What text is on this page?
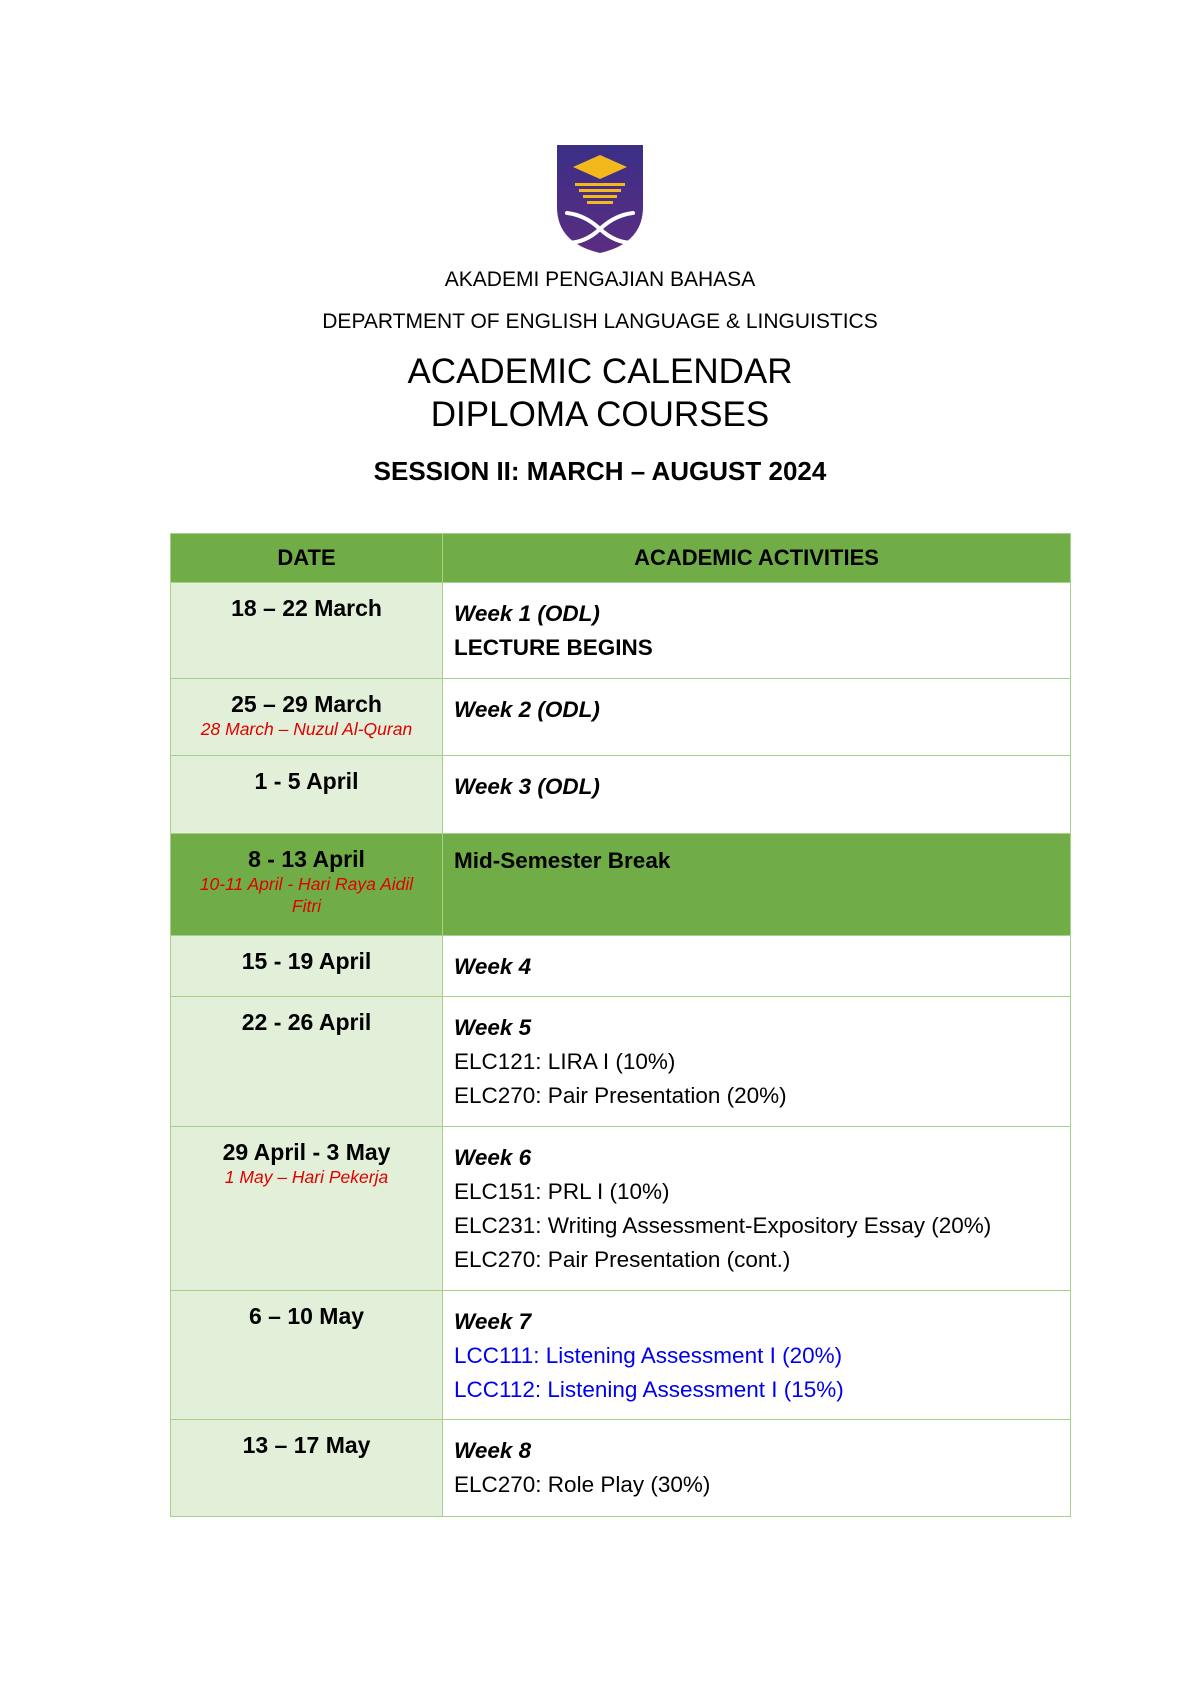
AKADEMI PENGAJIAN BAHASA
DEPARTMENT OF ENGLISH LANGUAGE & LINGUISTICS
ACADEMIC CALENDAR
DIPLOMA COURSES
SESSION II: MARCH – AUGUST 2024
DATE	ACADEMIC ACTIVITIES
18 – 22 March	Week 1 (ODL)
LECTURE BEGINS

25 – 29 March
28 March – Nuzul Al-Quran	Week 2 (ODL)

1 - 5 April	Week 3 (ODL)

8 - 13 April
10-11 April - Hari Raya Aidil Fitri	Mid-Semester Break

15 - 19 April	Week 4

22 - 26 April	Week 5
ELC121: LIRA I (10%)
ELC270: Pair Presentation (20%)

29 April - 3 May
1 May – Hari Pekerja	Week 6
ELC151: PRL I (10%)
ELC231: Writing Assessment-Expository Essay (20%)
ELC270: Pair Presentation (cont.)

6 – 10 May	Week 7
LCC111: Listening Assessment I (20%)
LCC112: Listening Assessment I (15%)

13 – 17 May	Week 8
ELC270: Role Play (30%)
